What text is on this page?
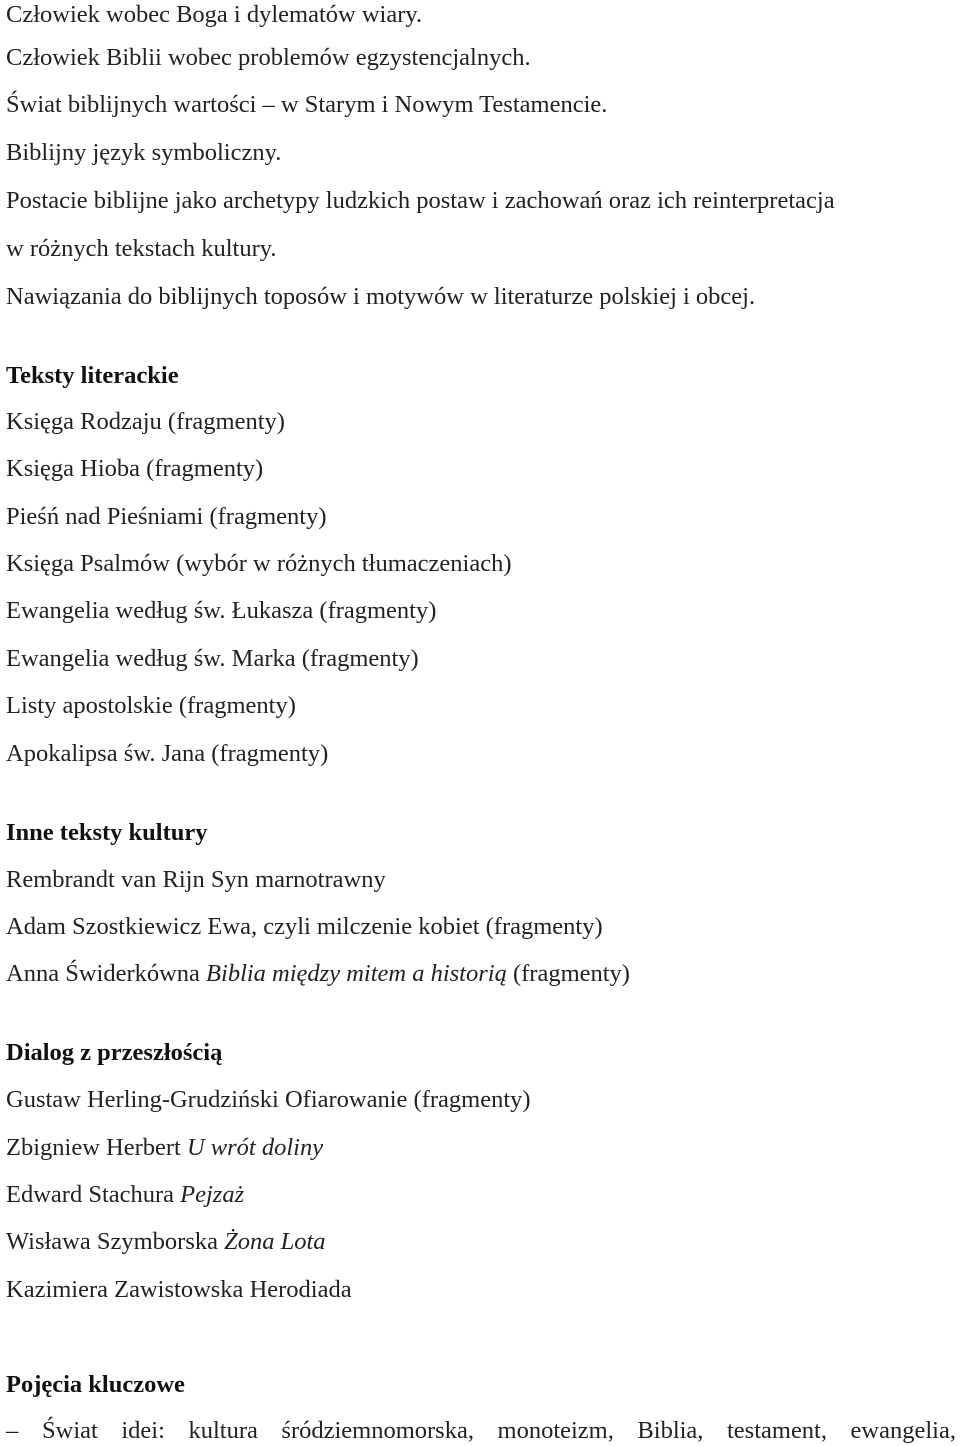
Człowiek wobec Boga i dylematów wiary.
Człowiek Biblii wobec problemów egzystencjalnych.
Świat biblijnych wartości – w Starym i Nowym Testamencie.
Biblijny język symboliczny.
Postacie biblijne jako archetypy ludzkich postaw i zachowań oraz ich reinterpretacja
w różnych tekstach kultury.
Nawiązania do biblijnych toposów i motywów w literaturze polskiej i obcej.
Teksty literackie
Księga Rodzaju (fragmenty)
Księga Hioba (fragmenty)
Pieśń nad Pieśniami (fragmenty)
Księga Psalmów (wybór w różnych tłumaczeniach)
Ewangelia według św. Łukasza (fragmenty)
Ewangelia według św. Marka (fragmenty)
Listy apostolskie (fragmenty)
Apokalipsa św. Jana (fragmenty)
Inne teksty kultury
Rembrandt van Rijn Syn marnotrawny
Adam Szostkiewicz Ewa, czyli milczenie kobiet (fragmenty)
Anna Świderkówna Biblia między mitem a historią (fragmenty)
Dialog z przeszłością
Gustaw Herling-Grudziński Ofiarowanie (fragmenty)
Zbigniew Herbert U wrót doliny
Edward Stachura Pejzaż
Wisława Szymborska Żona Lota
Kazimiera Zawistowska Herodiada
Pojęcia kluczowe
– Świat idei: kultura śródziemnomorska, monoteizm, Biblia, testament, ewangelia,
